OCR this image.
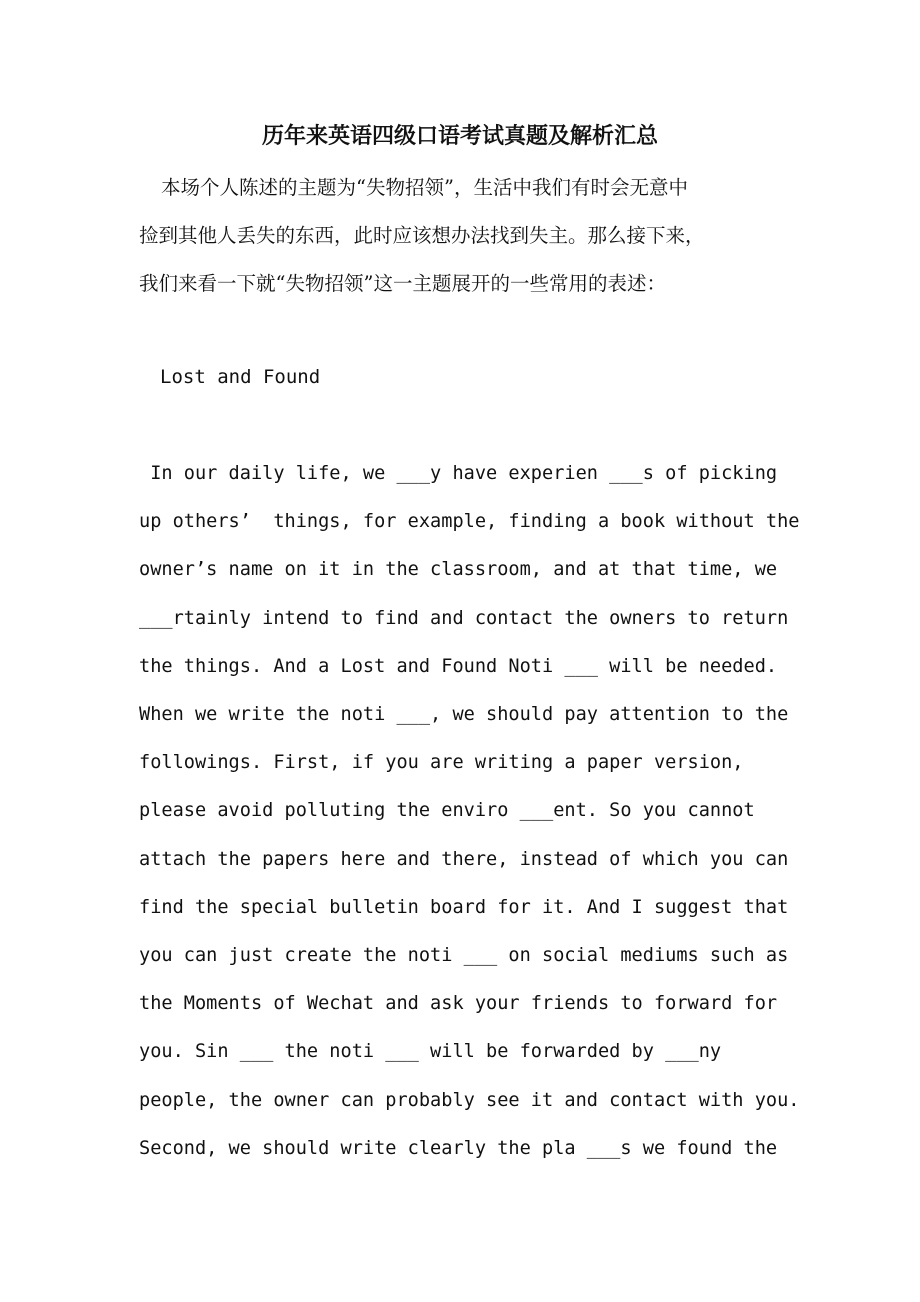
历年来英语四级口语考试真题及解析汇总

本场个人陈述的主题为“失物招领”，生活中我们有时会无意中
捡到其他人丢失的东西，此时应该想办法找到失主。那么接下来，
我们来看一下就“失物招领”这一主题展开的一些常用的表述：

Lost and Found

In our daily life, we ___y have experien ___s of picking
up others’  things, for example, finding a book without the
owner’s name on it in the classroom, and at that time, we
___rtainly intend to find and contact the owners to return
the things. And a Lost and Found Noti ___ will be needed.
When we write the noti ___, we should pay attention to the
followings. First, if you are writing a paper version,
please avoid polluting the enviro ___ent. So you cannot
attach the papers here and there, instead of which you can
find the special bulletin board for it. And I suggest that
you can just create the noti ___ on social mediums such as
the Moments of Wechat and ask your friends to forward for
you. Sin ___ the noti ___ will be forwarded by ___ny
people, the owner can probably see it and contact with you.
Second, we should write clearly the pla ___s we found the
